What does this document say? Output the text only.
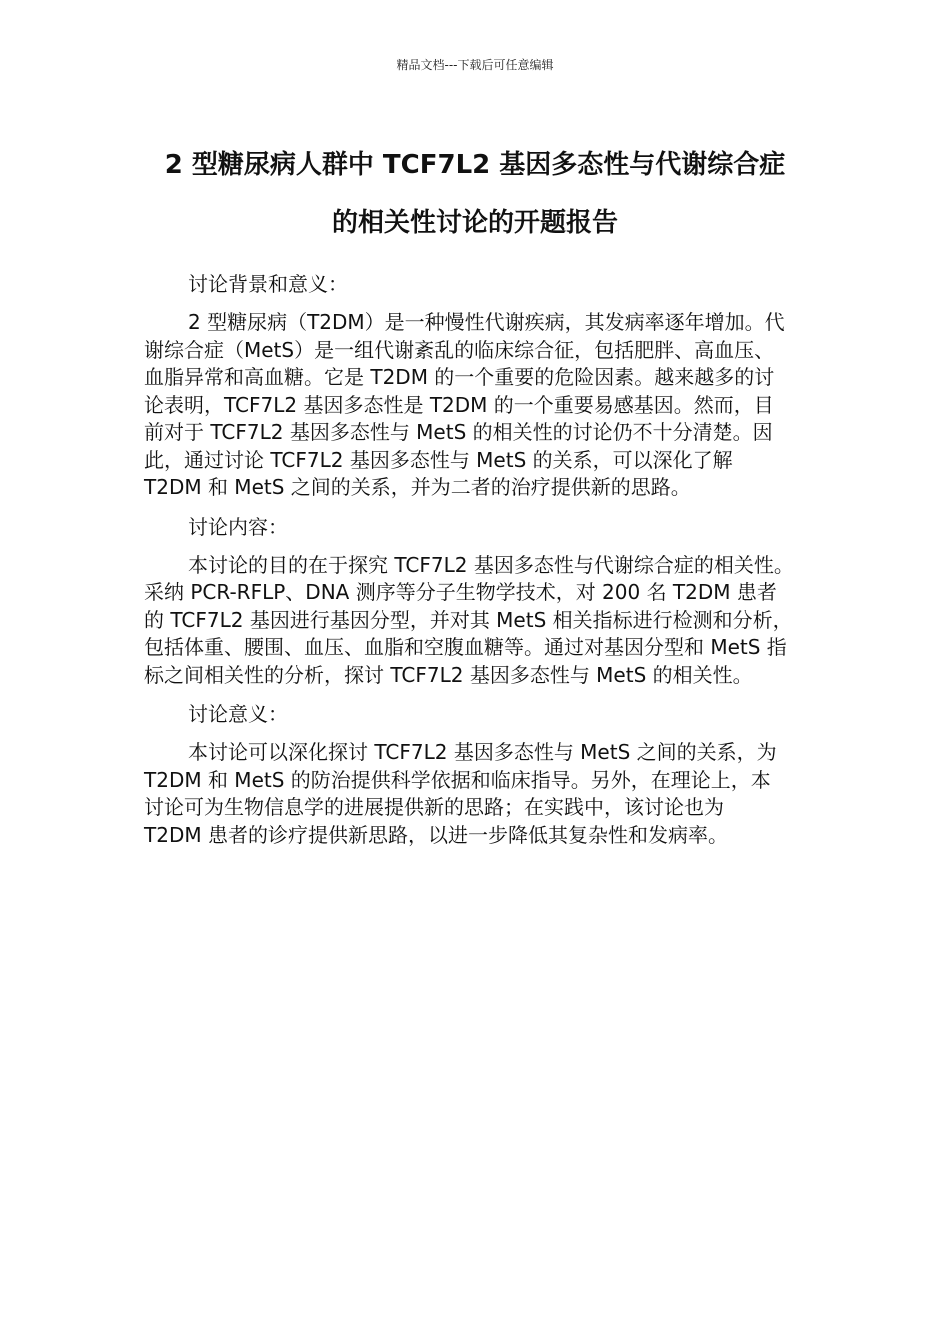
精品文档---下载后可任意编辑
2 型糖尿病人群中 TCF7L2 基因多态性与代谢综合症
的相关性讨论的开题报告
讨论背景和意义：
2 型糖尿病（T2DM）是一种慢性代谢疾病，其发病率逐年增加。代
谢综合症（MetS）是一组代谢紊乱的临床综合征，包括肥胖、高血压、
血脂异常和高血糖。它是 T2DM 的一个重要的危险因素。越来越多的讨
论表明，TCF7L2 基因多态性是 T2DM 的一个重要易感基因。然而，目
前对于 TCF7L2 基因多态性与 MetS 的相关性的讨论仍不十分清楚。因
此，通过讨论 TCF7L2 基因多态性与 MetS 的关系，可以深化了解
T2DM 和 MetS 之间的关系，并为二者的治疗提供新的思路。
讨论内容：
本讨论的目的在于探究 TCF7L2 基因多态性与代谢综合症的相关性。
采纳 PCR-RFLP、DNA 测序等分子生物学技术，对 200 名 T2DM 患者
的 TCF7L2 基因进行基因分型，并对其 MetS 相关指标进行检测和分析，
包括体重、腰围、血压、血脂和空腹血糖等。通过对基因分型和 MetS 指
标之间相关性的分析，探讨 TCF7L2 基因多态性与 MetS 的相关性。
讨论意义：
本讨论可以深化探讨 TCF7L2 基因多态性与 MetS 之间的关系，为
T2DM 和 MetS 的防治提供科学依据和临床指导。另外，在理论上，本
讨论可为生物信息学的进展提供新的思路；在实践中，该讨论也为
T2DM 患者的诊疗提供新思路，以进一步降低其复杂性和发病率。
